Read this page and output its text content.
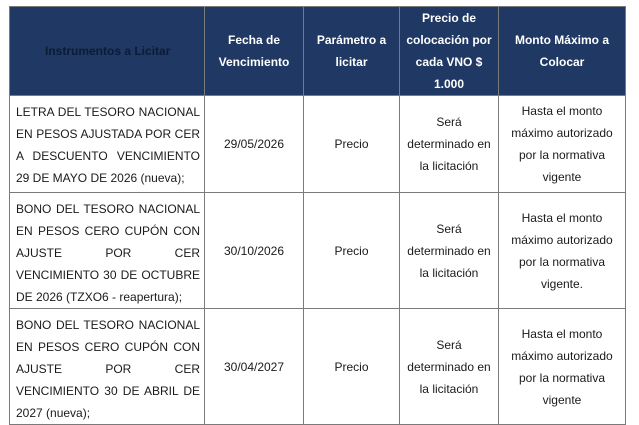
Instrumentos a Licitar	Fecha de Vencimiento	Parámetro a licitar	Precio de colocación por cada VNO $ 1.000	Monto Máximo a Colocar
LETRA DEL TESORO NACIONAL EN PESOS AJUSTADA POR CER A DESCUENTO VENCIMIENTO 29 DE MAYO DE 2026 (nueva);	29/05/2026	Precio	Será determinado en la licitación	Hasta el monto máximo autorizado por la normativa vigente
BONO DEL TESORO NACIONAL EN PESOS CERO CUPÓN CON AJUSTE POR CER VENCIMIENTO 30 DE OCTUBRE DE 2026 (TZXO6 - reapertura);	30/10/2026	Precio	Será determinado en la licitación	Hasta el monto máximo autorizado por la normativa vigente.
BONO DEL TESORO NACIONAL EN PESOS CERO CUPÓN CON AJUSTE POR CER VENCIMIENTO 30 DE ABRIL DE 2027 (nueva);	30/04/2027	Precio	Será determinado en la licitación	Hasta el monto máximo autorizado por la normativa vigente
